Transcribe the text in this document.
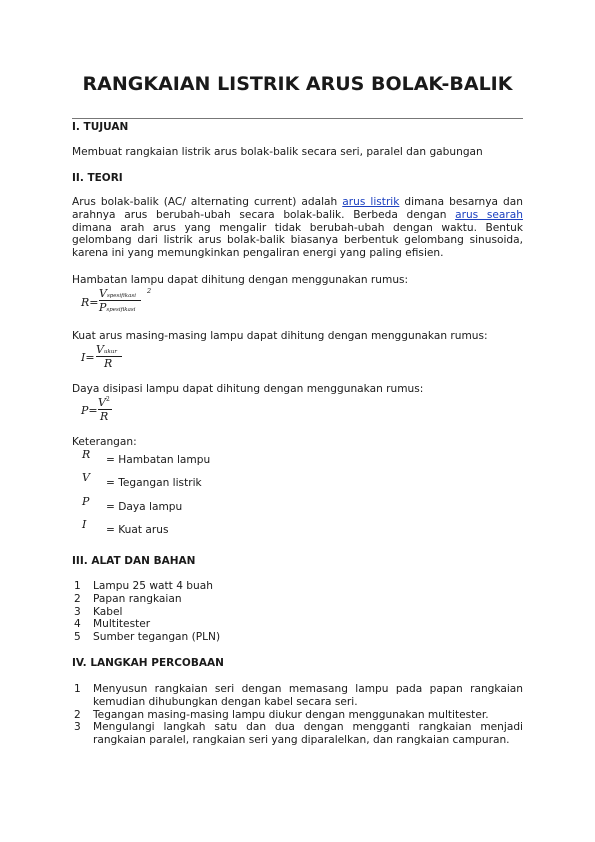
RANGKAIAN LISTRIK ARUS BOLAK-BALIK
I. TUJUAN

Membuat rangkaian listrik arus bolak-balik secara seri, paralel dan gabungan

II. TEORI

Arus bolak-balik (AC/ alternating current) adalah arus listrik dimana besarnya dan arahnya arus berubah-ubah secara bolak-balik. Berbeda dengan arus searah dimana arah arus yang mengalir tidak berubah-ubah dengan waktu. Bentuk gelombang dari listrik arus bolak-balik biasanya berbentuk gelombang sinusoida, karena ini yang memungkinkan pengaliran energi yang paling efisien.

Hambatan lampu dapat dihitung dengan menggunakan rumus:

R=
Vspesifikasi
Pspesifikasi
2

Kuat arus masing-masing lampu dapat dihitung dengan menggunakan rumus:

I=
Vukur
R

Daya disipasi lampu dapat dihitung dengan menggunakan rumus:

P=
$V^2$
R

Keterangan:

R = Hambatan lampu
V = Tegangan listrik
P = Daya lampu
I = Kuat arus
III. ALAT DAN BAHAN
1 Lampu 25 watt 4 buah
2 Papan rangkaian
3 Kabel
4 Multitester
5 Sumber tegangan (PLN)
IV. LANGKAH PERCOBAAN
1 Menyusun rangkaian seri dengan memasang lampu pada papan rangkaian kemudian dihubungkan dengan kabel secara seri.
2 Tegangan masing-masing lampu diukur dengan menggunakan multitester.
3 Mengulangi langkah satu dan dua dengan mengganti rangkaian menjadi rangkaian paralel, rangkaian seri yang diparalelkan, dan rangkaian campuran.
